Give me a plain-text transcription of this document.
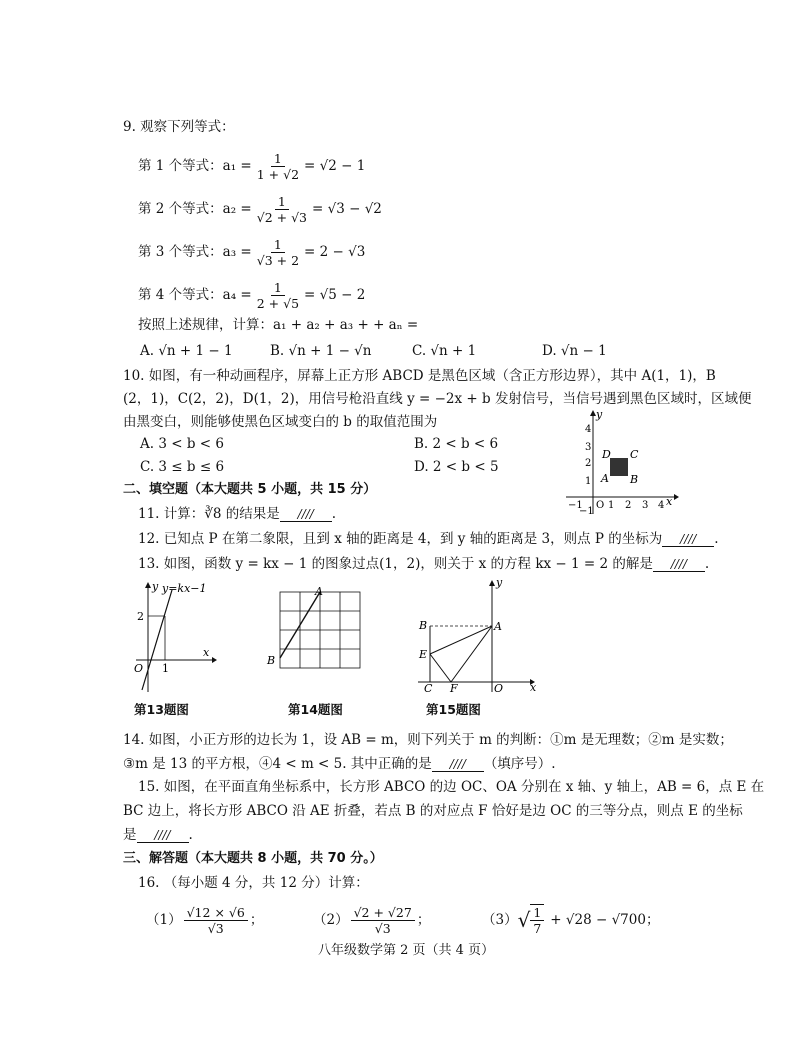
9. 观察下列等式：
第 1 个等式：$a_1 = \frac{1}{1 + √2} = √2 - 1$
第 2 个等式：$a_2 = \frac{1}{√2 + √3} = √3 - √2$
第 3 个等式：$a_3 = \frac{1}{√3 + 2} = 2 - √3$
第 4 个等式：$a_4 = \frac{1}{2 + √5} = √5 - 2$
按照上述规律，计算：a₁ + a₂ + a₃ + + aₙ =
A. √n + 1 − 1	B. √n + 1 − √n	C. √n + 1	D. √n − 1
10. 如图，有一种动画程序，屏幕上正方形 ABCD 是黑色区域（含正方形边界），其中 A(1，1)，B
(2，1)，C(2，2)，D(1，2)，用信号枪沿直线 y = −2x + b 发射信号，当信号遇到黑色区域时，区域便
由黑变白，则能够使黑色区域变白的 b 的取值范围为
A. 3 < b < 6	B. 2 < b < 6
C. 3 ≤ b ≤ 6	D. 2 < b < 5
y
x
4
3
2
1
−1
−1 O 1 2 3 4
D C
A B
二、填空题（本大题共 5 小题，共 15 分）
11. 计算：∛8 的结果是 //// .
12. 已知点 P 在第二象限，且到 x 轴的距离是 4，到 y 轴的距离是 3，则点 P 的坐标为 //// .
13. 如图，函数 y = kx − 1 的图象过点(1，2)，则关于 x 的方程 kx − 1 = 2 的解是 //// .
y y=kx−1
x
2
1
O
第13题图
A
B
第14题图
y
x
B	A
E
C F	O
第15题图
14. 如图，小正方形的边长为 1，设 AB = m，则下列关于 m 的判断：①m 是无理数；②m 是实数；
③m 是 13 的平方根，④4 < m < 5. 其中正确的是 //// （填序号）.
15. 如图，在平面直角坐标系中，长方形 ABCO 的边 OC、OA 分别在 x 轴、y 轴上，AB = 6，点 E 在
BC 边上，将长方形 ABCO 沿 AE 折叠，若点 B 的对应点 F 恰好是边 OC 的三等分点，则点 E 的坐标
是 //// .
三、解答题（本大题共 8 小题，共 70 分。）
16. （每小题 4 分，共 12 分）计算：
$(1) \frac{√12 \times √6}{√3}$ ；	$(2) \frac{√2 + √27}{√3}$ ；	（3） √ $\frac{1}{7} + √28 - √700$ ；
八年级数学第 2 页（共 4 页）
